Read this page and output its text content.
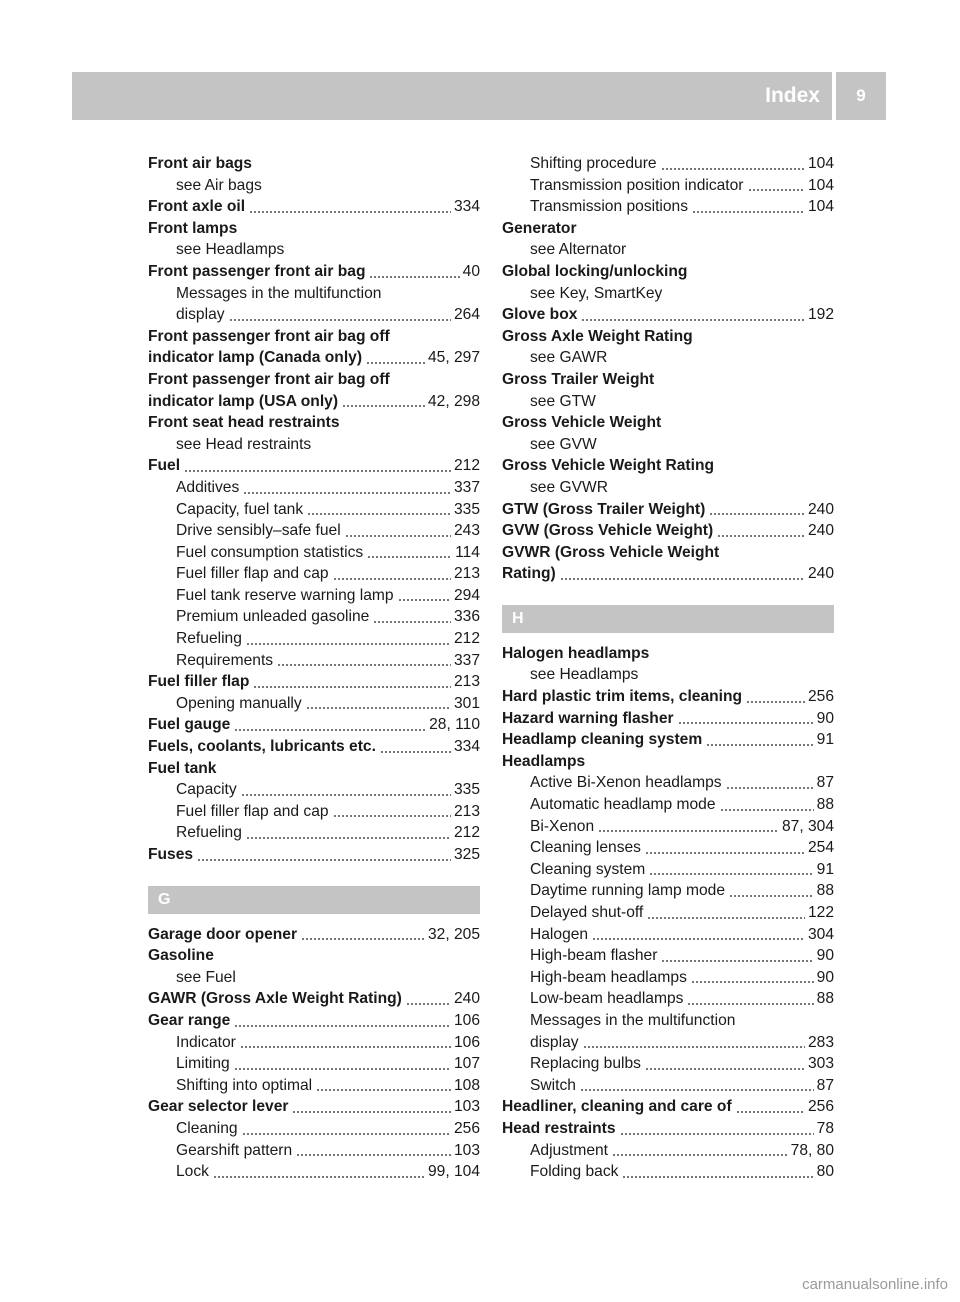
Index	9
Front air bags
see Air bags
Front axle oil	334
Front lamps
see Headlamps
Front passenger front air bag	40
Messages in the multifunction
display	264
Front passenger front air bag off
indicator lamp (Canada only)	45, 297
Front passenger front air bag off
indicator lamp (USA only)	42, 298
Front seat head restraints
see Head restraints
Fuel	212
Additives	337
Capacity, fuel tank	335
Drive sensibly–safe fuel	243
Fuel consumption statistics	114
Fuel filler flap and cap	213
Fuel tank reserve warning lamp	294
Premium unleaded gasoline	336
Refueling	212
Requirements	337
Fuel filler flap	213
Opening manually	301
Fuel gauge	28, 110
Fuels, coolants, lubricants etc.	334
Fuel tank
Capacity	335
Fuel filler flap and cap	213
Refueling	212
Fuses	325
G
Garage door opener	32, 205
Gasoline
see Fuel
GAWR (Gross Axle Weight Rating)	240
Gear range	106
Indicator	106
Limiting	107
Shifting into optimal	108
Gear selector lever	103
Cleaning	256
Gearshift pattern	103
Lock	99, 104
Shifting procedure	104
Transmission position indicator	104
Transmission positions	104
Generator
see Alternator
Global locking/unlocking
see Key, SmartKey
Glove box	192
Gross Axle Weight Rating
see GAWR
Gross Trailer Weight
see GTW
Gross Vehicle Weight
see GVW
Gross Vehicle Weight Rating
see GVWR
GTW (Gross Trailer Weight)	240
GVW (Gross Vehicle Weight)	240
GVWR (Gross Vehicle Weight
Rating)	240
H
Halogen headlamps
see Headlamps
Hard plastic trim items, cleaning	256
Hazard warning flasher	90
Headlamp cleaning system	91
Headlamps
Active Bi-Xenon headlamps	87
Automatic headlamp mode	88
Bi-Xenon	87, 304
Cleaning lenses	254
Cleaning system	91
Daytime running lamp mode	88
Delayed shut-off	122
Halogen	304
High-beam flasher	90
High-beam headlamps	90
Low-beam headlamps	88
Messages in the multifunction
display	283
Replacing bulbs	303
Switch	87
Headliner, cleaning and care of	256
Head restraints	78
Adjustment	78, 80
Folding back	80
carmanualsonline.info
